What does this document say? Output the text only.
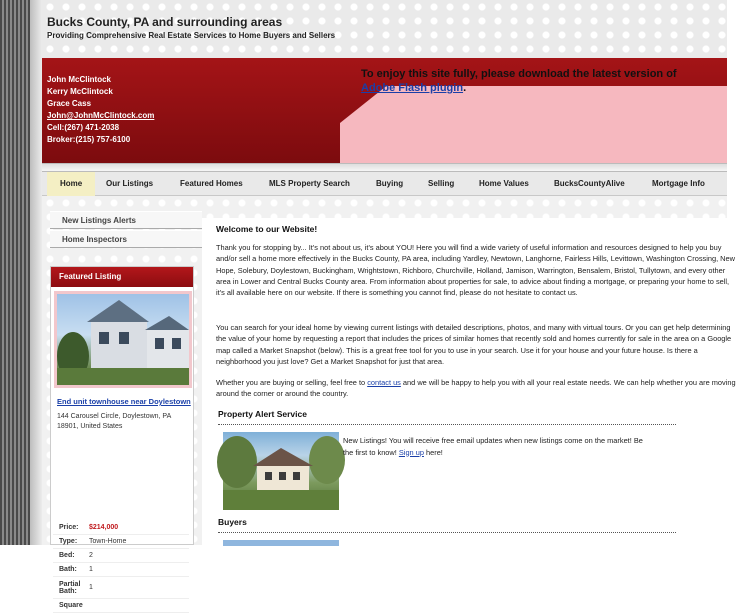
Bucks County, PA and surrounding areas
Providing Comprehensive Real Estate Services to Home Buyers and Sellers
John McClintock
Kerry McClintock
Grace Cass
John@JohnMcClintock.com
Cell:(267) 471-2038
Broker:(215) 757-6100
To enjoy this site fully, please download the latest version of
Adobe Flash plugin.
Home	Our Listings	Featured Homes	MLS Property Search	Buying	Selling	Home Values	BucksCountyAlive	Mortgage Info
New Listings Alerts
Home Inspectors
Featured Listing
End unit townhouse near Doylestown
144 Carousel Circle, Doylestown, PA 18901, United States
Price:	$214,000
Type:	Town-Home
Bed:	2
Bath:	1
Partial Bath:	1
Square
Welcome to our Website!
Thank you for stopping by... It's not about us, it's about YOU! Here you will find a wide variety of useful information and resources designed to help you buy and/or sell a home more effectively in the Bucks County, PA area, including Yardley, Newtown, Langhorne, Fairless Hills, Levittown, Washington Crossing, New Hope, Solebury, Doylestown, Buckingham, Wrightstown, Richboro, Churchville, Holland, Jamison, Warrington, Bensalem, Bristol, Tullytown, and every other area in Lower and Central Bucks County area. From information about properties for sale, to advice about finding a mortgage, or preparing your home to sell, it's all available here on our website. If there is something you cannot find, please do not hesitate to contact us.
You can search for your ideal home by viewing current listings with detailed descriptions, photos, and many with virtual tours. Or you can get help determining the value of your home by requesting a report that includes the prices of similar homes that recently sold and homes currently for sale in the area on a Google map called a Market Snapshot (below). This is a great free tool for you to use in your search. Use it for your house and your future house. Is there a neighborhood you just love? Get a Market Snapshot for just that area.
Whether you are buying or selling, feel free to contact us and we will be happy to help you with all your real estate needs. We can help whether you are moving around the corner or around the country.
Property Alert Service
New Listings! You will receive free email updates when new listings come on the market! Be the first to know! Sign up here!
Buyers
